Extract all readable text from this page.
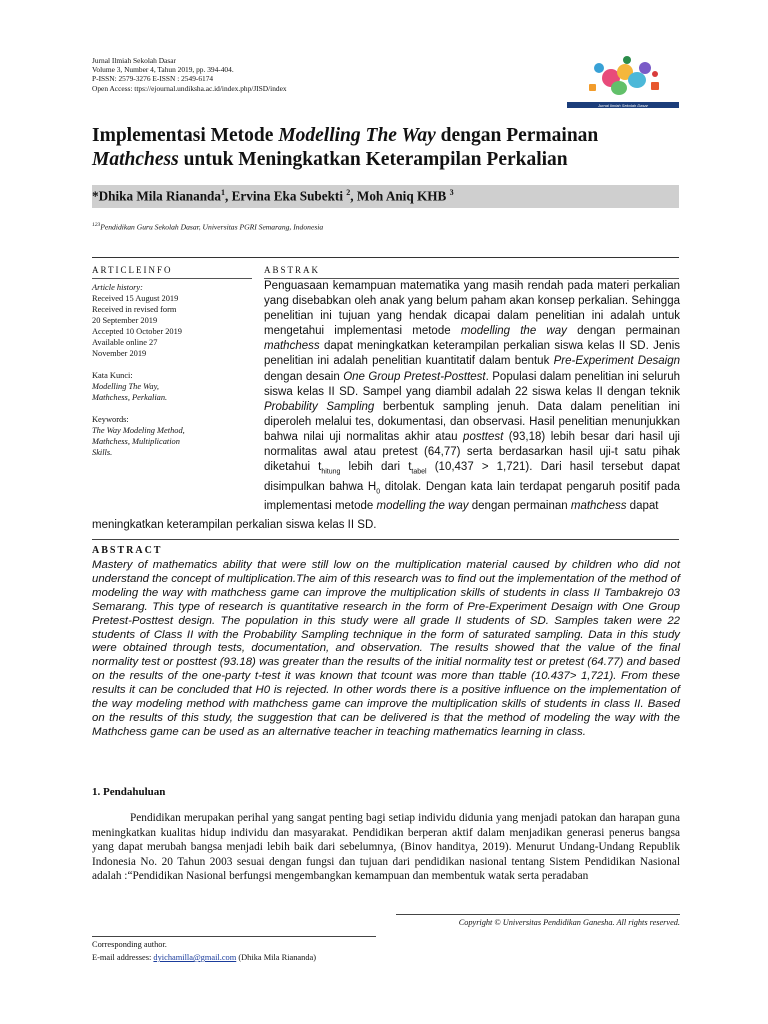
Jurnal Ilmiah Sekolah Dasar
Volume 3, Number 4, Tahun 2019, pp. 394-404.
P-ISSN: 2579-3276 E-ISSN : 2549-6174
Open Access: ttps://ejournal.undiksha.ac.id/index.php/JISD/index
Jurnal Ilmiah Sekolah Dasar
Implementasi Metode Modelling The Way dengan Permainan
Mathchess untuk Meningkatkan Keterampilan Perkalian
*Dhika Mila Riananda$^1$, Ervina Eka Subekti $^2$, Moh Aniq KHB $^3$
$^{123}$Pendidikan Guru Sekolah Dasar, Universitas PGRI Semarang, Indonesia
ARTICLEINFO
Article history:
Received 15 August 2019
Received in revised form
20 September 2019
Accepted 10 October 2019
Available online 27
November 2019
Kata Kunci:
Modelling The Way,
Mathchess, Perkalian.
Keywords:
The Way Modeling Method,
Mathchess, Multiplication
Skills.
ABSTRAK
Penguasaan kemampuan matematika yang masih rendah pada materi perkalian yang disebabkan oleh anak yang belum paham akan konsep perkalian. Sehingga penelitian ini tujuan yang hendak dicapai dalam penelitian ini adalah untuk mengetahui implementasi metode modelling the way dengan permainan mathchess dapat meningkatkan keterampilan perkalian siswa kelas II SD. Jenis penelitian ini adalah penelitian kuantitatif dalam bentuk Pre-Experiment Desaign dengan desain One Group Pretest-Posttest. Populasi dalam penelitian ini seluruh siswa kelas II SD. Sampel yang diambil adalah 22 siswa kelas II dengan teknik Probability Sampling berbentuk sampling jenuh. Data dalam penelitian ini diperoleh melalui tes, dokumentasi, dan observasi. Hasil penelitian menunjukkan bahwa nilai uji normalitas akhir atau posttest (93,18) lebih besar dari hasil uji normalitas awal atau pretest (64,77) serta berdasarkan hasil uji-t satu pihak diketahui $t_{hitung}$ lebih dari $t_{tabel}$ (10,437 > 1,721). Dari hasil tersebut dapat disimpulkan bahwa $H_0$ ditolak. Dengan kata lain terdapat pengaruh positif pada implementasi metode modelling the way dengan permainan mathchess dapat
meningkatkan keterampilan perkalian siswa kelas II SD.
ABSTRACT
Mastery of mathematics ability that were still low on the multiplication material caused by children who did not understand the concept of multiplication.The aim of this research was to find out the implementation of the method of modeling the way with mathchess game can improve the multiplication skills of students in class II Tambakrejo 03 Semarang. This type of research is quantitative research in the form of Pre-Experiment Desaign with One Group Pretest-Posttest design. The population in this study were all grade II students of SD. Samples taken were 22 students of Class II with the Probability Sampling technique in the form of saturated sampling. Data in this study were obtained through tests, documentation, and observation. The results showed that the value of the final normality test or posttest (93.18) was greater than the results of the initial normality test or pretest (64.77) and based on the results of the one-party t-test it was known that tcount was more than ttable (10.437> 1,721). From these results it can be concluded that H0 is rejected. In other words there is a positive influence on the implementation of the way modeling method with mathchess game can improve the multiplication skills of students in class II. Based on the results of this study, the suggestion that can be delivered is that the method of modeling the way with the Mathchess game can be used as an alternative teacher in teaching mathematics learning in class.
1. Pendahuluan
Pendidikan merupakan perihal yang sangat penting bagi setiap individu didunia yang menjadi patokan dan harapan guna meningkatkan kualitas hidup individu dan masyarakat. Pendidikan berperan aktif dalam menjadikan generasi penerus bangsa yang dapat merubah bangsa menjadi lebih baik dari sebelumnya, (Binov handitya, 2019). Menurut Undang-Undang Republik Indonesia No. 20 Tahun 2003 sesuai dengan fungsi dan tujuan dari pendidikan nasional tentang Sistem Pendidikan Nasional adalah :“Pendidikan Nasional berfungsi mengembangkan kemampuan dan membentuk watak serta peradaban
Copyright © Universitas Pendidikan Ganesha. All rights reserved.
Corresponding author.
E-mail addresses: dyichamilla@gmail.com (Dhika Mila Riananda)
